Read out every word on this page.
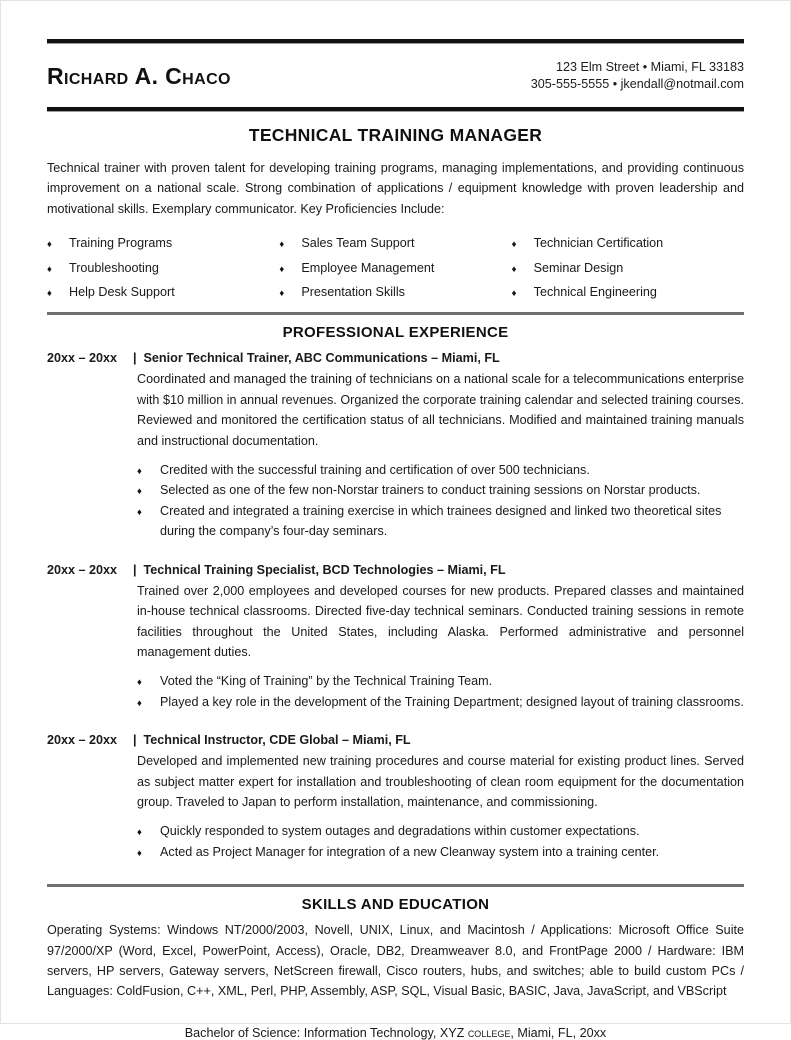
Richard A. Chaco	123 Elm Street • Miami, FL 33183
305-555-5555 • jkendall@notmail.com
TECHNICAL TRAINING MANAGER
Technical trainer with proven talent for developing training programs, managing implementations, and providing continuous improvement on a national scale. Strong combination of applications / equipment knowledge with proven leadership and motivational skills. Exemplary communicator. Key Proficiencies Include:
♦	Training Programs	♦	Sales Team Support	♦	Technician Certification
♦	Troubleshooting	♦	Employee Management	♦	Seminar Design
♦	Help Desk Support	♦	Presentation Skills	♦	Technical Engineering
PROFESSIONAL EXPERIENCE
20xx – 20xx	| Senior Technical Trainer, ABC Communications – Miami, FL
Coordinated and managed the training of technicians on a national scale for a telecommunications enterprise with $10 million in annual revenues. Organized the corporate training calendar and selected training courses. Reviewed and monitored the certification status of all technicians. Modified and maintained training manuals and instructional documentation.
♦	Credited with the successful training and certification of over 500 technicians.
♦	Selected as one of the few non-Norstar trainers to conduct training sessions on Norstar products.
♦	Created and integrated a training exercise in which trainees designed and linked two theoretical sites during the company’s four-day seminars.
20xx – 20xx	| Technical Training Specialist, BCD Technologies – Miami, FL
Trained over 2,000 employees and developed courses for new products. Prepared classes and maintained in-house technical classrooms. Directed five-day technical seminars. Conducted training sessions in remote facilities throughout the United States, including Alaska. Performed administrative and personnel management duties.
♦	Voted the “King of Training” by the Technical Training Team.
♦	Played a key role in the development of the Training Department; designed layout of training classrooms.
20xx – 20xx	| Technical Instructor, CDE Global – Miami, FL
Developed and implemented new training procedures and course material for existing product lines. Served as subject matter expert for installation and troubleshooting of clean room equipment for the documentation group. Traveled to Japan to perform installation, maintenance, and commissioning.
♦	Quickly responded to system outages and degradations within customer expectations.
♦	Acted as Project Manager for integration of a new Cleanway system into a training center.
SKILLS AND EDUCATION
Operating Systems: Windows NT/2000/2003, Novell, UNIX, Linux, and Macintosh / Applications: Microsoft Office Suite 97/2000/XP (Word, Excel, PowerPoint, Access), Oracle, DB2, Dreamweaver 8.0, and FrontPage 2000 / Hardware: IBM servers, HP servers, Gateway servers, NetScreen firewall, Cisco routers, hubs, and switches; able to build custom PCs / Languages: ColdFusion, C++, XML, Perl, PHP, Assembly, ASP, SQL, Visual Basic, BASIC, Java, JavaScript, and VBScript
Bachelor of Science: Information Technology, XYZ college, Miami, FL, 20xx
